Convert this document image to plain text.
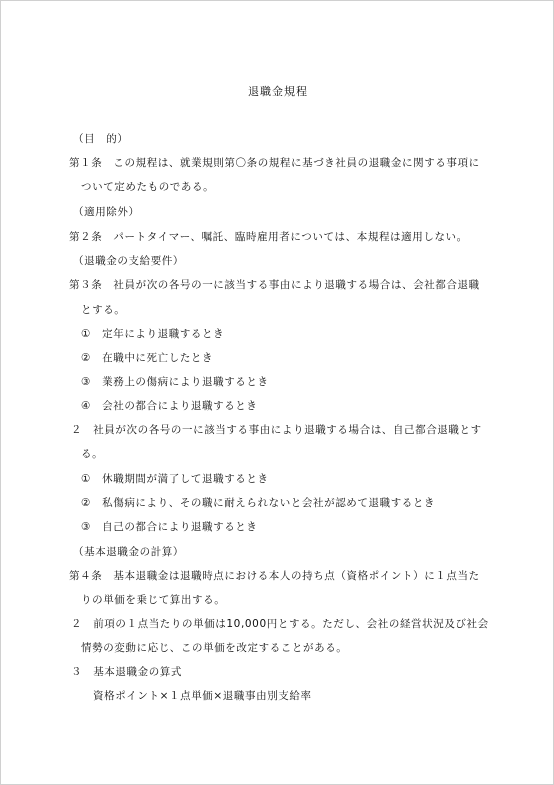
退職金規程
（目　的）
第１条　この規程は、就業規則第〇条の規程に基づき社員の退職金に関する事項に
ついて定めたものである。
（適用除外）
第２条　パートタイマー、嘱託、臨時雇用者については、本規程は適用しない。
（退職金の支給要件）
第３条　社員が次の各号の一に該当する事由により退職する場合は、会社都合退職
とする。
①　定年により退職するとき
②　在職中に死亡したとき
③　業務上の傷病により退職するとき
④　会社の都合により退職するとき
２　社員が次の各号の一に該当する事由により退職する場合は、自己都合退職とす
る。
①　休職期間が満了して退職するとき
②　私傷病により、その職に耐えられないと会社が認めて退職するとき
③　自己の都合により退職するとき
（基本退職金の計算）
第４条　基本退職金は退職時点における本人の持ち点（資格ポイント）に１点当た
りの単価を乗じて算出する。
２　前項の１点当たりの単価は10,000円とする。ただし、会社の経営状況及び社会
情勢の変動に応じ、この単価を改定することがある。
３　基本退職金の算式
資格ポイント×１点単価×退職事由別支給率
